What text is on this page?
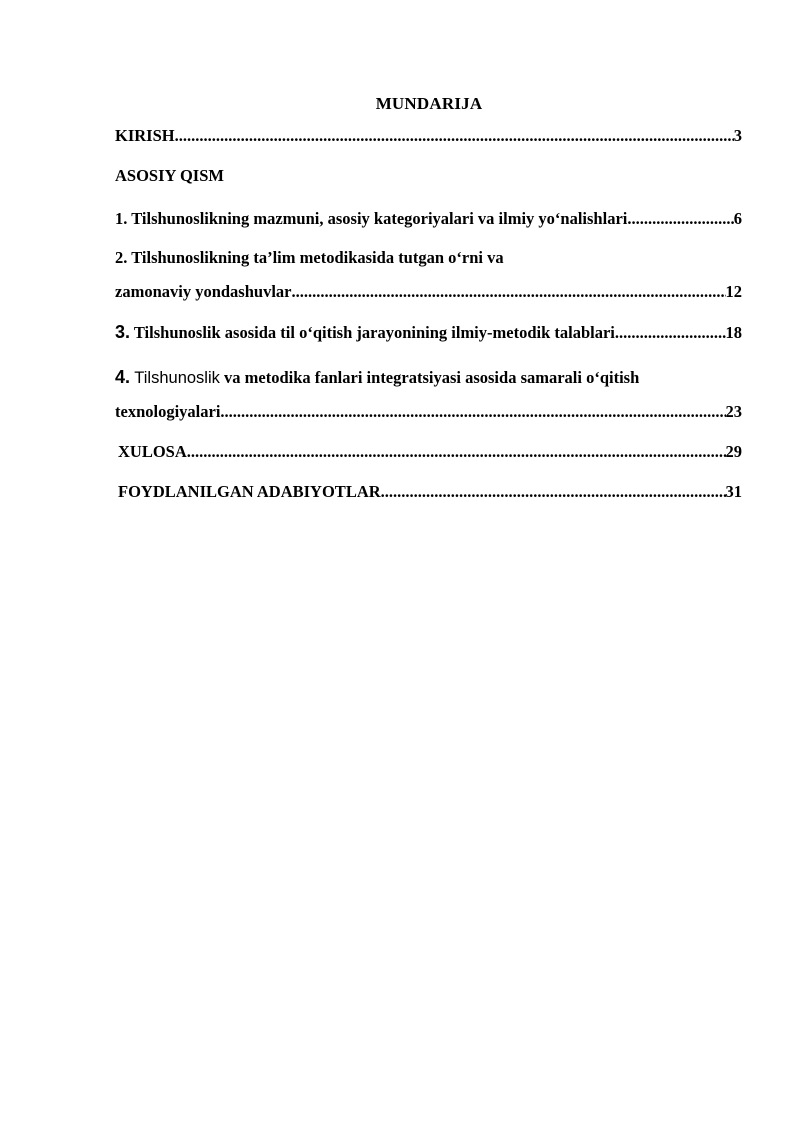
MUNDARIJA
KIRISH .....	3
ASOSIY QISM
1. Tilshunoslikning mazmuni, asosiy kategoriyalari va ilmiy yo‘nalishlari .....	6
2. Tilshunoslikning ta’lim metodikasida tutgan o‘rni va
zamonaviy yondashuvlar .....	12
3. Tilshunoslik asosida til o‘qitish jarayonining ilmiy-metodik talablari .....	18
4. Tilshunoslik va metodika fanlari integratsiyasi asosida samarali o‘qitish
texnologiyalari .....	23
XULOSA .....	29
FOYDLANILGAN ADABIYOTLAR .....	31
